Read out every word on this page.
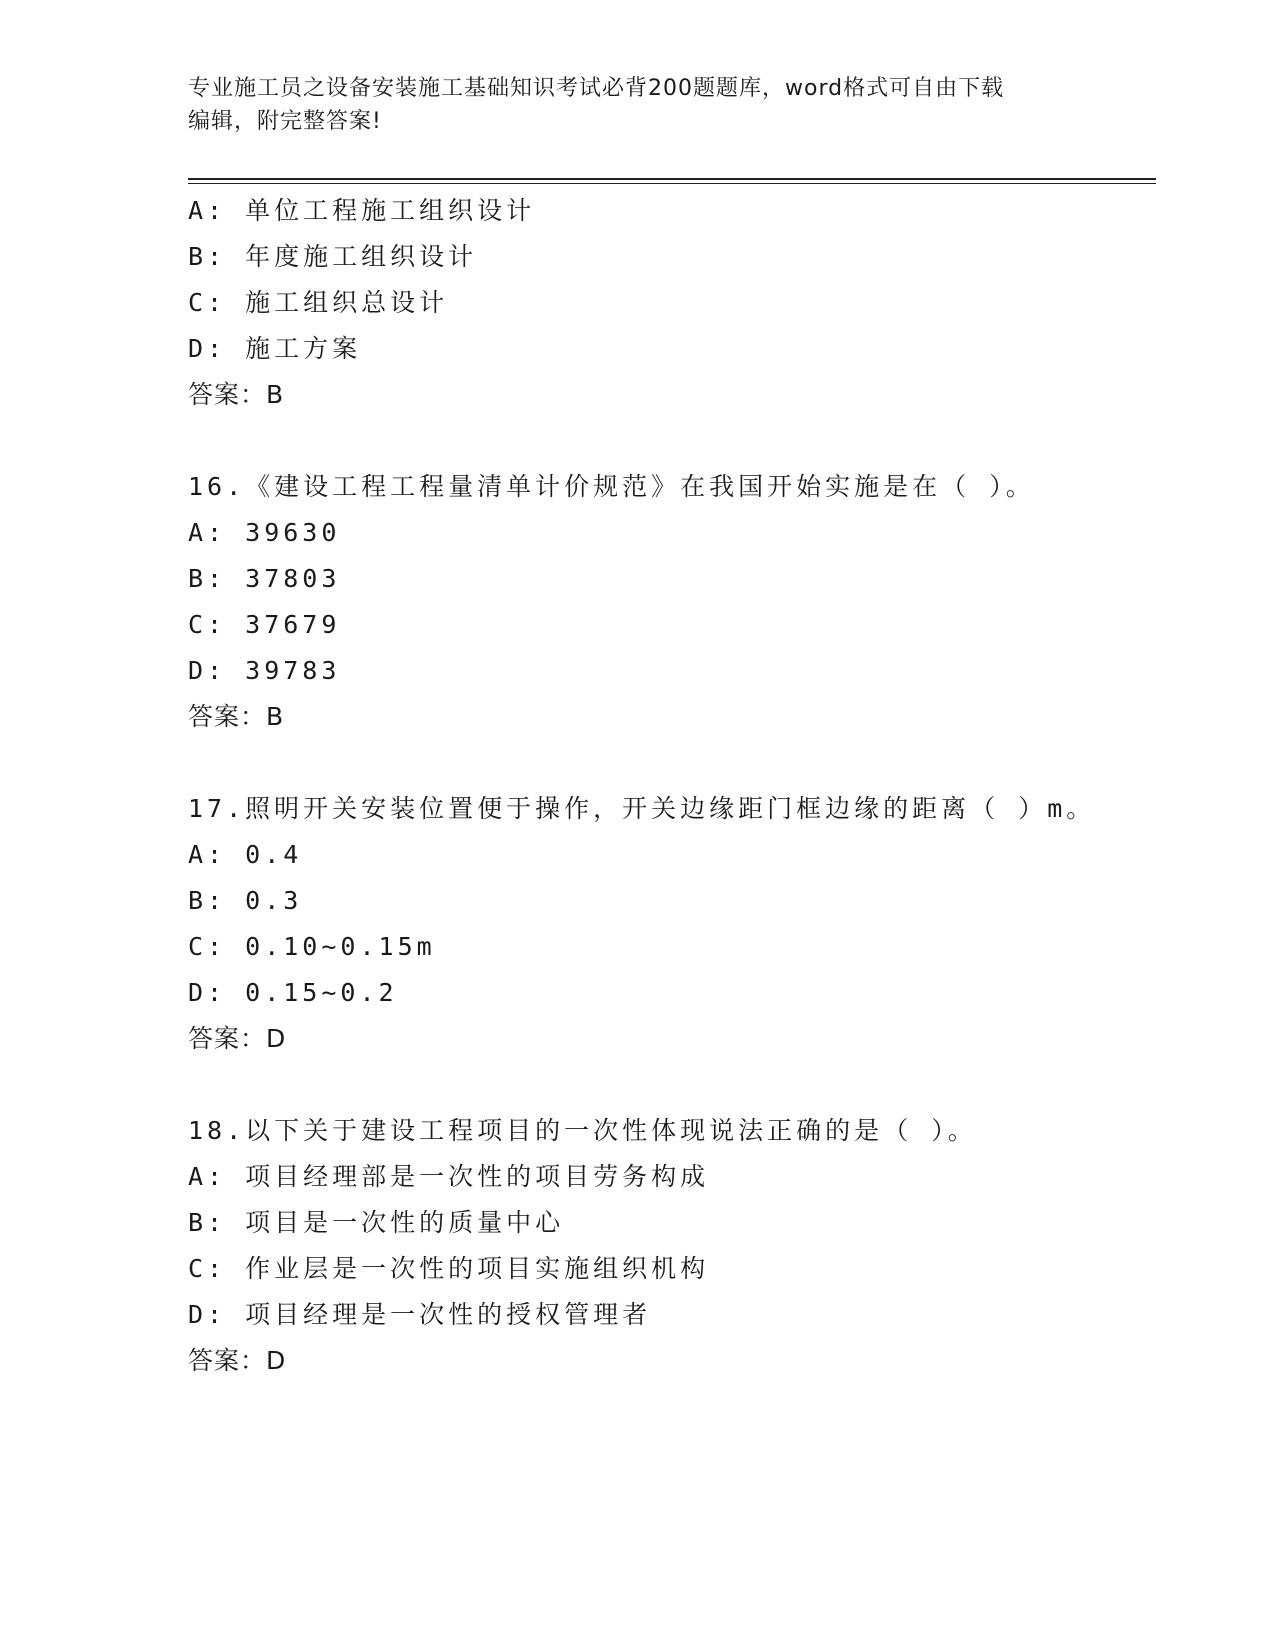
专业施工员之设备安装施工基础知识考试必背200题题库，word格式可自由下载
编辑，附完整答案!
A: 单位工程施工组织设计
B: 年度施工组织设计
C: 施工组织总设计
D: 施工方案
答案：B
16.《建设工程工程量清单计价规范》在我国开始实施是在（ ）。
A: 39630
B: 37803
C: 37679
D: 39783
答案：B
17.照明开关安装位置便于操作，开关边缘距门框边缘的距离（ ）m。
A: 0.4
B: 0.3
C: 0.10~0.15m
D: 0.15~0.2
答案：D
18.以下关于建设工程项目的一次性体现说法正确的是（ ）。
A: 项目经理部是一次性的项目劳务构成
B: 项目是一次性的质量中心
C: 作业层是一次性的项目实施组织机构
D: 项目经理是一次性的授权管理者
答案：D
